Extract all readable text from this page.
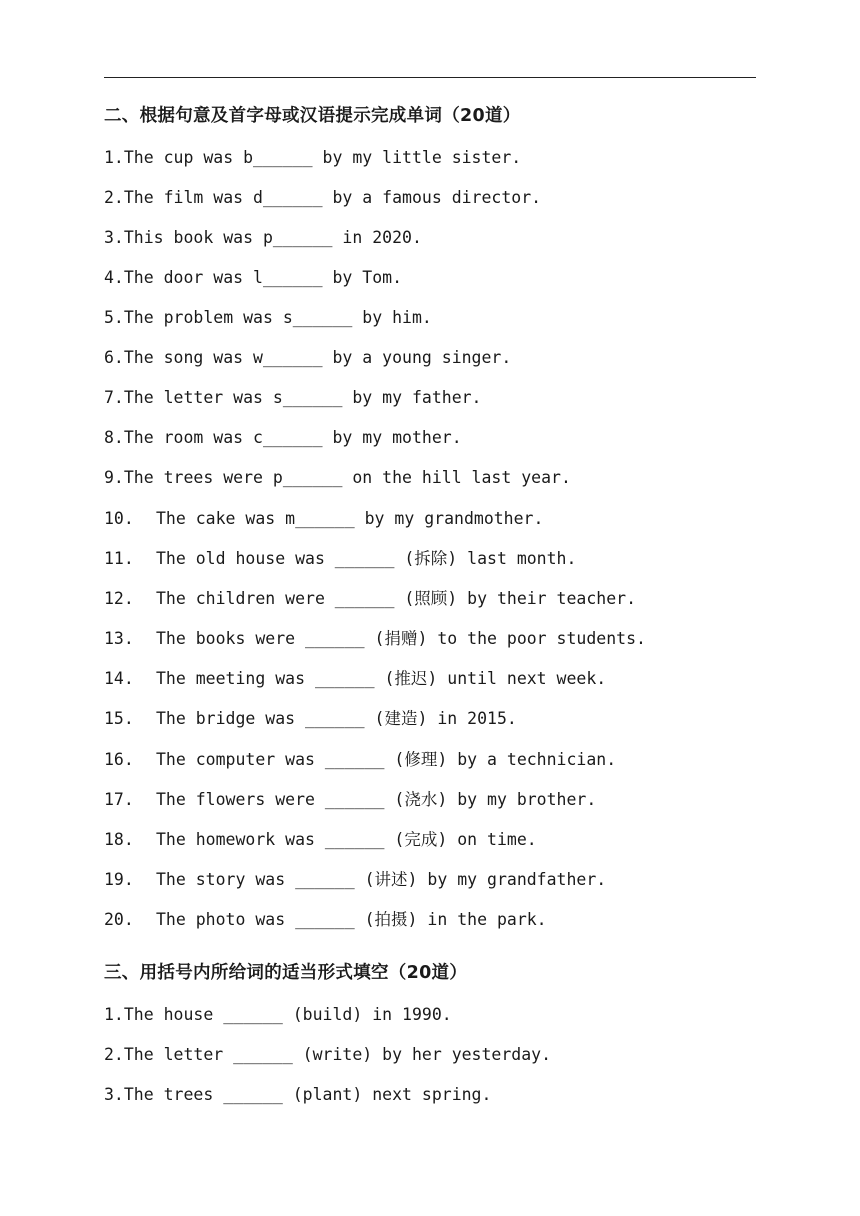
二、根据句意及首字母或汉语提示完成单词（20道）
1.The cup was b______ by my little sister.
2.The film was d______ by a famous director.
3.This book was p______ in 2020.
4.The door was l______ by Tom.
5.The problem was s______ by him.
6.The song was w______ by a young singer.
7.The letter was s______ by my father.
8.The room was c______ by my mother.
9.The trees were p______ on the hill last year.
10. The cake was m______ by my grandmother.
11. The old house was ______ (拆除) last month.
12. The children were ______ (照顾) by their teacher.
13. The books were ______ (捐赠) to the poor students.
14. The meeting was ______ (推迟) until next week.
15. The bridge was ______ (建造) in 2015.
16. The computer was ______ (修理) by a technician.
17. The flowers were ______ (浇水) by my brother.
18. The homework was ______ (完成) on time.
19. The story was ______ (讲述) by my grandfather.
20. The photo was ______ (拍摄) in the park.
三、用括号内所给词的适当形式填空（20道）
1.The house ______ (build) in 1990.
2.The letter ______ (write) by her yesterday.
3.The trees ______ (plant) next spring.
